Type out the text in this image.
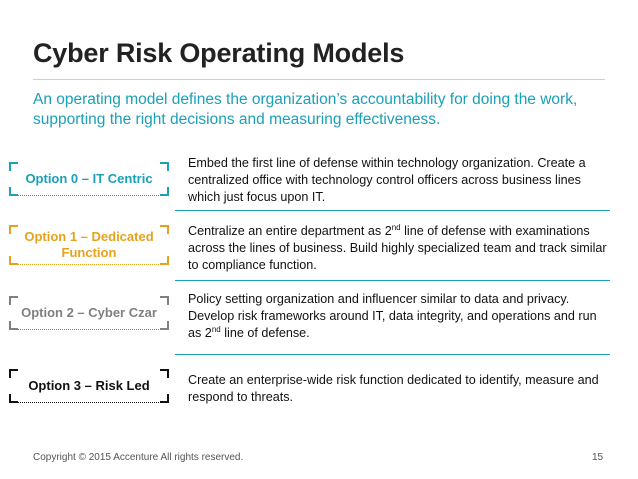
Cyber Risk Operating Models
An operating model defines the organization’s accountability for doing the work, supporting the right decisions and measuring effectiveness.
Option 0 – IT Centric
Embed the first line of defense within technology organization. Create a centralized office with technology control officers across business lines which just focus upon IT.
Option 1 – Dedicated Function
Centralize an entire department as 2nd line of defense with examinations across the lines of business. Build highly specialized team and track similar to compliance function.
Option 2 – Cyber Czar
Policy setting organization and influencer similar to data and privacy. Develop risk frameworks around IT, data integrity, and operations and run as 2nd line of defense.
Option 3 – Risk Led	Create an enterprise-wide risk function dedicated to identify, measure and respond to threats.
Copyright © 2015 Accenture All rights reserved.	15
